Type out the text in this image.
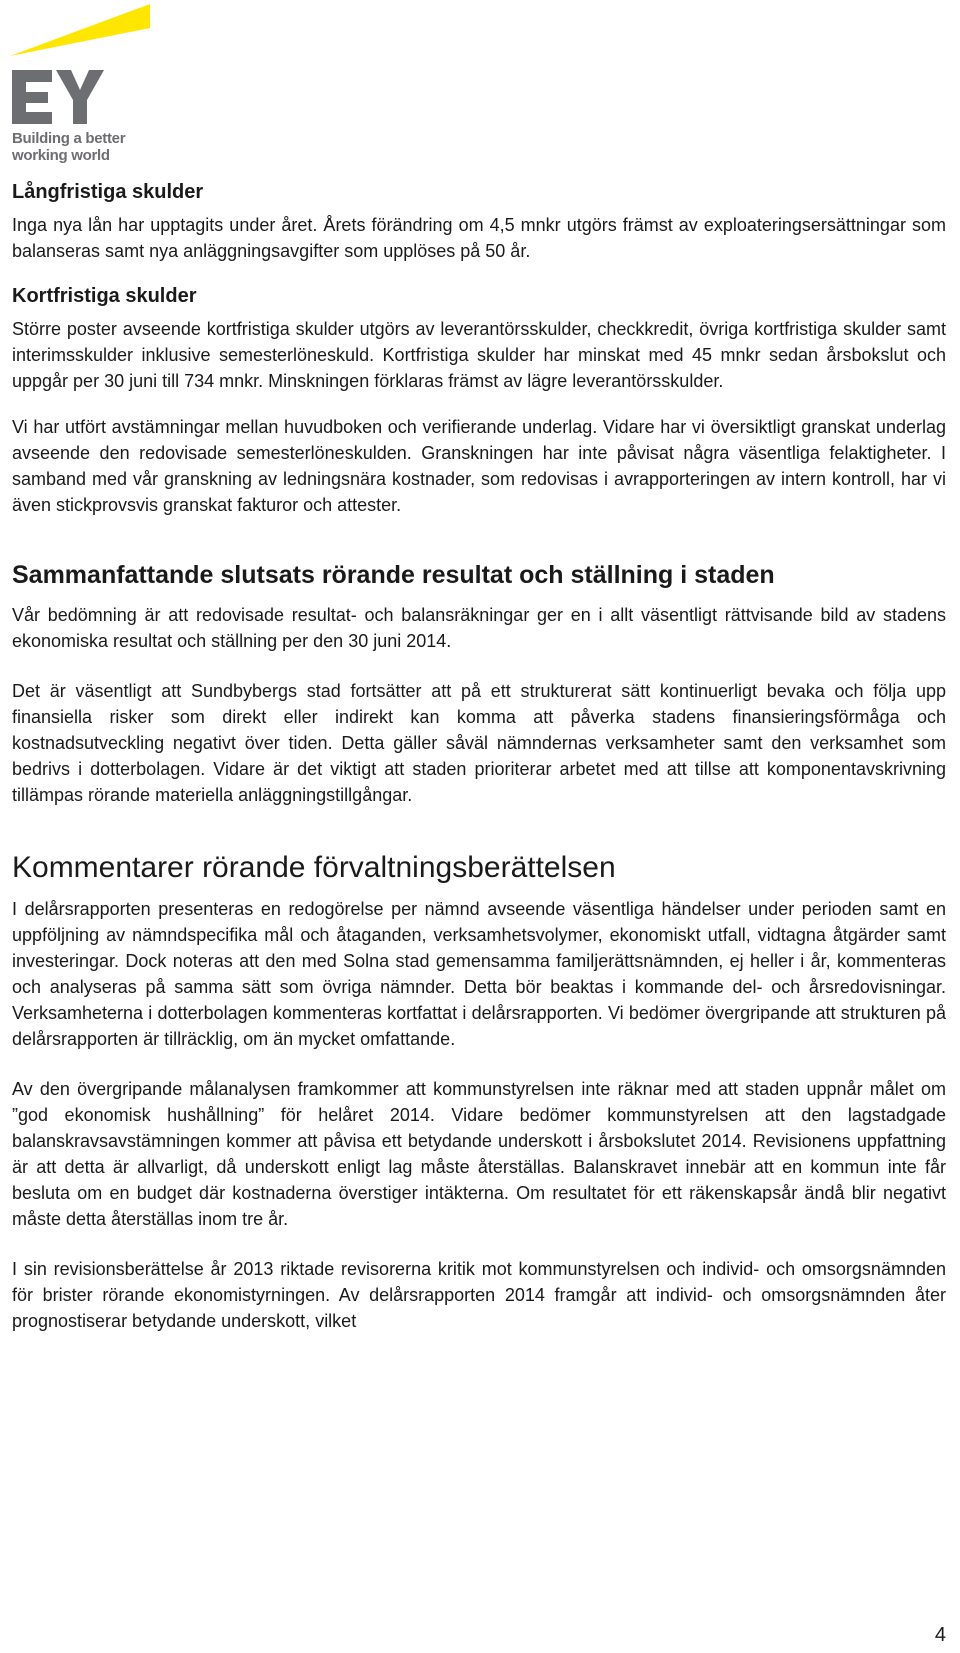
Building a better
working world
Långfristiga skulder

Inga nya lån har upptagits under året. Årets förändring om 4,5 mnkr utgörs främst av exploateringsersättningar som balanseras samt nya anläggningsavgifter som upplöses på 50 år.

Kortfristiga skulder

Större poster avseende kortfristiga skulder utgörs av leverantörsskulder, checkkredit, övriga kortfristiga skulder samt interimsskulder inklusive semesterlöneskuld. Kortfristiga skulder har minskat med 45 mnkr sedan årsbokslut och uppgår per 30 juni till 734 mnkr. Minskningen förklaras främst av lägre leverantörsskulder.

Vi har utfört avstämningar mellan huvudboken och verifierande underlag. Vidare har vi översiktligt granskat underlag avseende den redovisade semesterlöneskulden. Granskningen har inte påvisat några väsentliga felaktigheter. I samband med vår granskning av ledningsnära kostnader, som redovisas i avrapporteringen av intern kontroll, har vi även stickprovsvis granskat fakturor och attester.

Sammanfattande slutsats rörande resultat och ställning i staden

Vår bedömning är att redovisade resultat- och balansräkningar ger en i allt väsentligt rättvisande bild av stadens ekonomiska resultat och ställning per den 30 juni 2014.

Det är väsentligt att Sundbybergs stad fortsätter att på ett strukturerat sätt kontinuerligt bevaka och följa upp finansiella risker som direkt eller indirekt kan komma att påverka stadens finansieringsförmåga och kostnadsutveckling negativt över tiden. Detta gäller såväl nämndernas verksamheter samt den verksamhet som bedrivs i dotterbolagen. Vidare är det viktigt att staden prioriterar arbetet med att tillse att komponentavskrivning tillämpas rörande materiella anläggningstillgångar.

Kommentarer rörande förvaltningsberättelsen

I delårsrapporten presenteras en redogörelse per nämnd avseende väsentliga händelser under perioden samt en uppföljning av nämndspecifika mål och åtaganden, verksamhetsvolymer, ekonomiskt utfall, vidtagna åtgärder samt investeringar. Dock noteras att den med Solna stad gemensamma familjerättsnämnden, ej heller i år, kommenteras och analyseras på samma sätt som övriga nämnder. Detta bör beaktas i kommande del- och årsredovisningar. Verksamheterna i dotterbolagen kommenteras kortfattat i delårsrapporten. Vi bedömer övergripande att strukturen på delårsrapporten är tillräcklig, om än mycket omfattande.

Av den övergripande målanalysen framkommer att kommunstyrelsen inte räknar med att staden uppnår målet om ”god ekonomisk hushållning” för helåret 2014. Vidare bedömer kommunstyrelsen att den lagstadgade balanskravsavstämningen kommer att påvisa ett betydande underskott i årsbokslutet 2014. Revisionens uppfattning är att detta är allvarligt, då underskott enligt lag måste återställas. Balanskravet innebär att en kommun inte får besluta om en budget där kostnaderna överstiger intäkterna. Om resultatet för ett räkenskapsår ändå blir negativt måste detta återställas inom tre år.

I sin revisionsberättelse år 2013 riktade revisorerna kritik mot kommunstyrelsen och individ- och omsorgsnämnden för brister rörande ekonomistyrningen. Av delårsrapporten 2014 framgår att individ- och omsorgsnämnden åter prognostiserar betydande underskott, vilket

4
